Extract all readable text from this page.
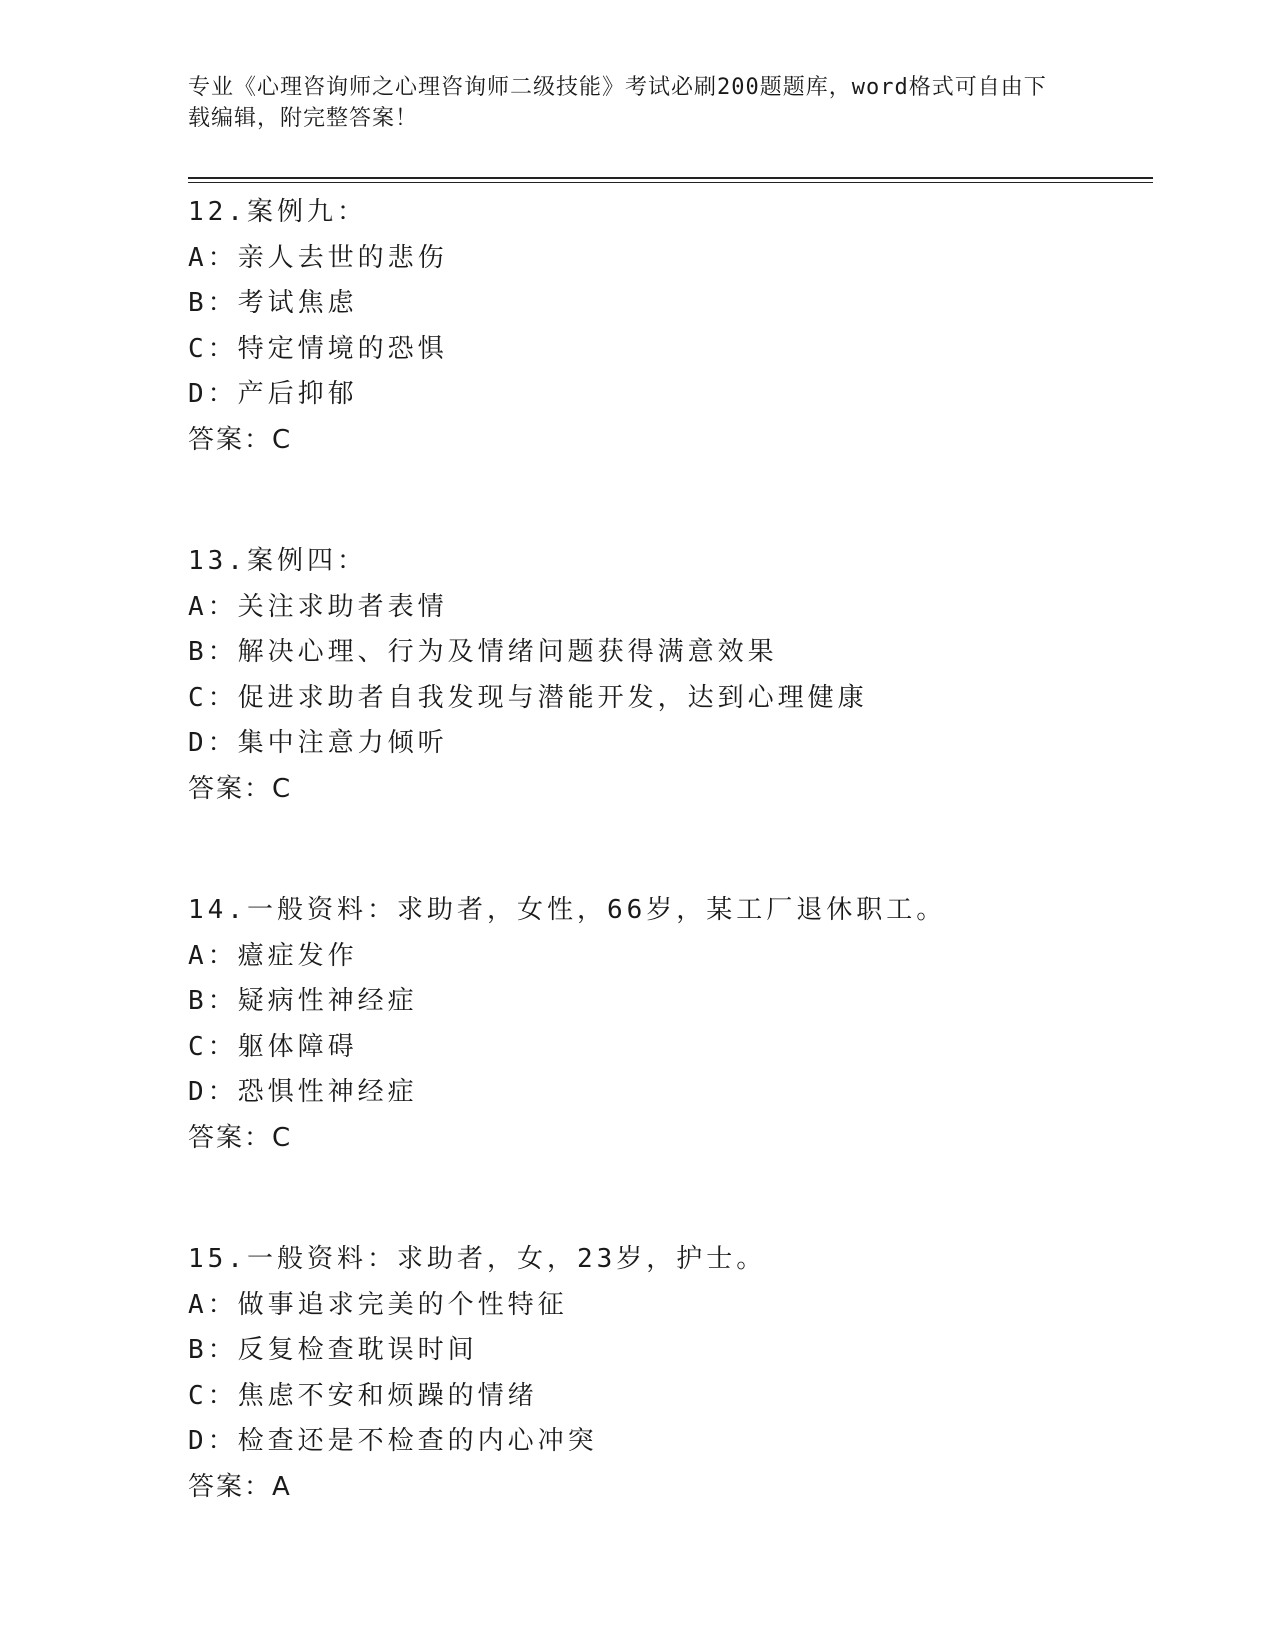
专业《心理咨询师之心理咨询师二级技能》考试必刷200题题库，word格式可自由下载编辑，附完整答案！
12.案例九：
A：亲人去世的悲伤
B：考试焦虑
C：特定情境的恐惧
D：产后抑郁
答案：C
13.案例四：
A：关注求助者表情
B：解决心理、行为及情绪问题获得满意效果
C：促进求助者自我发现与潜能开发，达到心理健康
D：集中注意力倾听
答案：C
14.一般资料：求助者，女性，66岁，某工厂退休职工。
A：癔症发作
B：疑病性神经症
C：躯体障碍
D：恐惧性神经症
答案：C
15.一般资料：求助者，女，23岁，护士。
A：做事追求完美的个性特征
B：反复检查耽误时间
C：焦虑不安和烦躁的情绪
D：检查还是不检查的内心冲突
答案：A
